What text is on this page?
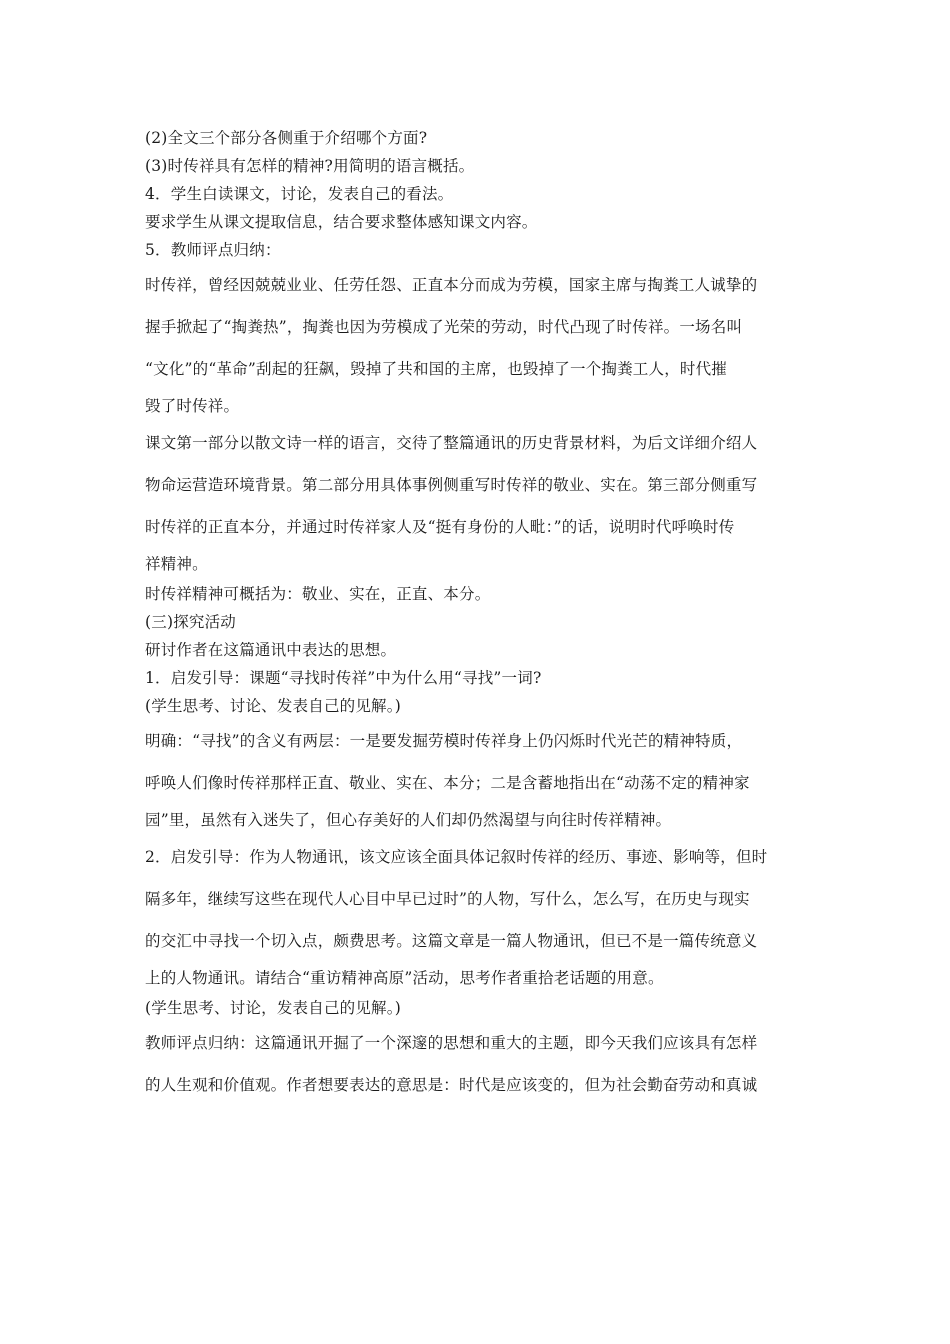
(2)全文三个部分各侧重于介绍哪个方面?

(3)时传祥具有怎样的精神?用简明的语言概括。

4．学生白读课文，讨论，发表自己的看法。

要求学生从课文提取信息，结合要求整体感知课文内容。

5．教师评点归纳：

时传祥，曾经因兢兢业业、任劳任怨、正直本分而成为劳模，国家主席与掏粪工人诚挚的

握手掀起了“掏粪热”，掏粪也因为劳模成了光荣的劳动，时代凸现了时传祥。一场名叫

“文化”的“革命”刮起的狂飙，毁掉了共和国的主席，也毁掉了一个掏粪工人，时代摧

毁了时传祥。

课文第一部分以散文诗一样的语言，交待了整篇通讯的历史背景材料，为后文详细介绍人

物命运营造环境背景。第二部分用具体事例侧重写时传祥的敬业、实在。第三部分侧重写

时传祥的正直本分，并通过时传祥家人及“挺有身份的人毗：”的话，说明时代呼唤时传

祥精神。

时传祥精神可概括为：敬业、实在，正直、本分。

(三)探究活动

研讨作者在这篇通讯中表达的思想。

1．启发引导：课题“寻找时传祥”中为什么用“寻找”一词?

(学生思考、讨论、发表自己的见解。)

明确：“寻找”的含义有两层：一是要发掘劳模时传祥身上仍闪烁时代光芒的精神特质，

呼唤人们像时传祥那样正直、敬业、实在、本分；二是含蓄地指出在“动荡不定的精神家

园”里，虽然有入迷失了，但心存美好的人们却仍然渴望与向往时传祥精神。

2．启发引导：作为人物通讯，该文应该全面具体记叙时传祥的经历、事迹、影响等，但时

隔多年，继续写这些在现代人心目中早已过时”的人物，写什么，怎么写，在历史与现实

的交汇中寻找一个切入点，颇费思考。这篇文章是一篇人物通讯，但已不是一篇传统意义

上的人物通讯。请结合“重访精神高原”活动，思考作者重拾老话题的用意。

(学生思考、讨论，发表自己的见解。)

教师评点归纳：这篇通讯开掘了一个深邃的思想和重大的主题，即今天我们应该具有怎样

的人生观和价值观。作者想要表达的意思是：时代是应该变的，但为社会勤奋劳动和真诚
